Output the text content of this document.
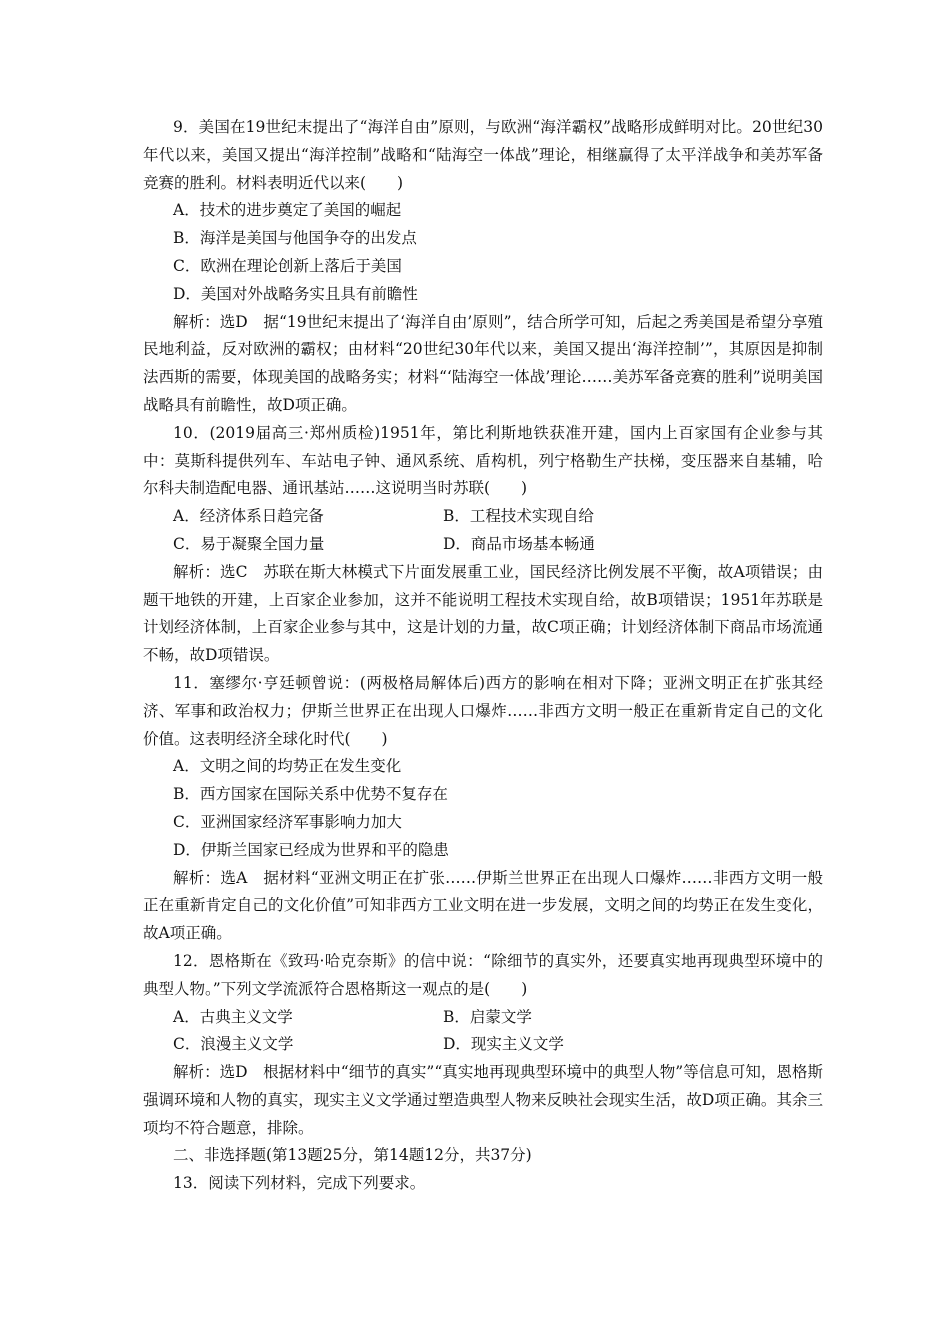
9．美国在19世纪末提出了“海洋自由”原则，与欧洲“海洋霸权”战略形成鲜明对比。20世纪30年代以来，美国又提出“海洋控制”战略和“陆海空一体战”理论，相继赢得了太平洋战争和美苏军备竞赛的胜利。材料表明近代以来(　　)

A．技术的进步奠定了美国的崛起

B．海洋是美国与他国争夺的出发点

C．欧洲在理论创新上落后于美国

D．美国对外战略务实且具有前瞻性

解析：选D　据“19世纪末提出了‘海洋自由’原则”，结合所学可知，后起之秀美国是希望分享殖民地利益，反对欧洲的霸权；由材料“20世纪30年代以来，美国又提出‘海洋控制’”，其原因是抑制法西斯的需要，体现美国的战略务实；材料“‘陆海空一体战’理论……美苏军备竞赛的胜利”说明美国战略具有前瞻性，故D项正确。

10．(2019届高三·郑州质检)1951年，第比利斯地铁获准开建，国内上百家国有企业参与其中：莫斯科提供列车、车站电子钟、通风系统、盾构机，列宁格勒生产扶梯，变压器来自基辅，哈尔科夫制造配电器、通讯基站……这说明当时苏联(　　)

A．经济体系日趋完备	B．工程技术实现自给
C．易于凝聚全国力量	D．商品市场基本畅通

解析：选C　苏联在斯大林模式下片面发展重工业，国民经济比例发展不平衡，故A项错误；由题干地铁的开建，上百家企业参加，这并不能说明工程技术实现自给，故B项错误；1951年苏联是计划经济体制，上百家企业参与其中，这是计划的力量，故C项正确；计划经济体制下商品市场流通不畅，故D项错误。

11．塞缪尔·亨廷顿曾说：(两极格局解体后)西方的影响在相对下降；亚洲文明正在扩张其经济、军事和政治权力；伊斯兰世界正在出现人口爆炸……非西方文明一般正在重新肯定自己的文化价值。这表明经济全球化时代(　　)

A．文明之间的均势正在发生变化

B．西方国家在国际关系中优势不复存在

C．亚洲国家经济军事影响力加大

D．伊斯兰国家已经成为世界和平的隐患

解析：选A　据材料“亚洲文明正在扩张……伊斯兰世界正在出现人口爆炸……非西方文明一般正在重新肯定自己的文化价值”可知非西方工业文明在进一步发展，文明之间的均势正在发生变化，故A项正确。

12．恩格斯在《致玛·哈克奈斯》的信中说：“除细节的真实外，还要真实地再现典型环境中的典型人物。”下列文学流派符合恩格斯这一观点的是(　　)

A．古典主义文学	B．启蒙文学
C．浪漫主义文学	D．现实主义文学

解析：选D　根据材料中“细节的真实”“真实地再现典型环境中的典型人物”等信息可知，恩格斯强调环境和人物的真实，现实主义文学通过塑造典型人物来反映社会现实生活，故D项正确。其余三项均不符合题意，排除。

二、非选择题(第13题25分，第14题12分，共37分)

13．阅读下列材料，完成下列要求。
